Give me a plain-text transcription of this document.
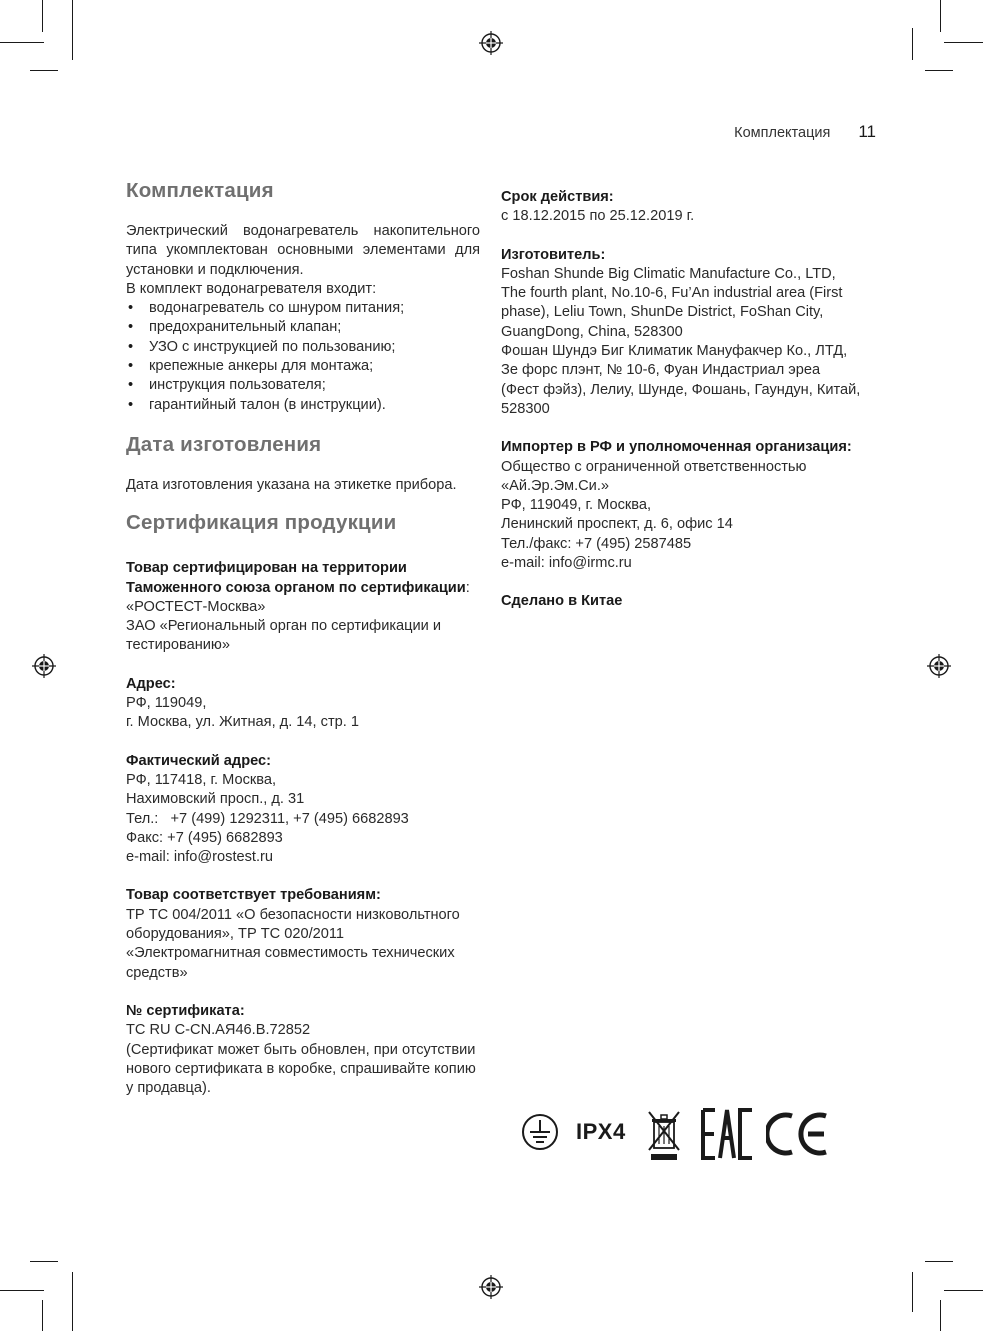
Комплектация 11
Комплектация

Электрический водонагреватель накопительного типа укомплектован основными элементами для установки и подключения.

В комплект водонагревателя входит:

• водонагреватель со шнуром питания;
• предохранительный клапан;
• УЗО с инструкцией по пользованию;
• крепежные анкеры для монтажа;
• инструкция пользователя;
• гарантийный талон (в инструкции).
Дата изготовления

Дата изготовления указана на этикетке прибора.

Сертификация продукции

Товар сертифицирован на территории Таможенного союза органом по сертификации:

«РОСТЕСТ-Москва»

ЗАО «Региональный орган по сертификации и тестированию»

Адрес:

РФ, 119049,

г. Москва, ул. Житная, д. 14, стр. 1

Фактический адрес:

РФ, 117418, г. Москва,

Нахимовский просп., д. 31

Тел.:   +7 (499) 1292311, +7 (495) 6682893

Факс: +7 (495) 6682893

e-mail: info@rostest.ru

Товар соответствует требованиям:

ТР ТС 004/2011 «О безопасности низковольтного оборудования», ТР ТС 020/2011 «Электромагнитная совместимость технических средств»

№ сертификата:

ТС RU С-CN.АЯ46.В.72852

(Сертификат может быть обновлен, при отсутствии нового сертификата в коробке, спрашивайте копию у продавца).

Срок действия:

с 18.12.2015 по 25.12.2019 г.

Изготовитель:

Foshan Shunde Big Climatic Manufacture Co., LTD, The fourth plant, No.10-6, Fu’An industrial area (First phase), Leliu Town, ShunDe District, FoShan City, GuangDong, China, 528300

Фошан Шундэ Биг Климатик Мануфакчер Ко., ЛТД, Зе форс плэнт, № 10-6, Фуан Индастриал эреа (Фест фэйз), Лелиу, Шунде, Фошань, Гаундун, Китай, 528300

Импортер в РФ и уполномоченная организация:

Общество с ограниченной ответственностью «Ай.Эр.Эм.Си.»

РФ, 119049, г. Москва,

Ленинский проспект, д. 6, офис 14

Тел./факс: +7 (495) 2587485

e-mail: info@irmc.ru

Сделано в Китае

IPX4
